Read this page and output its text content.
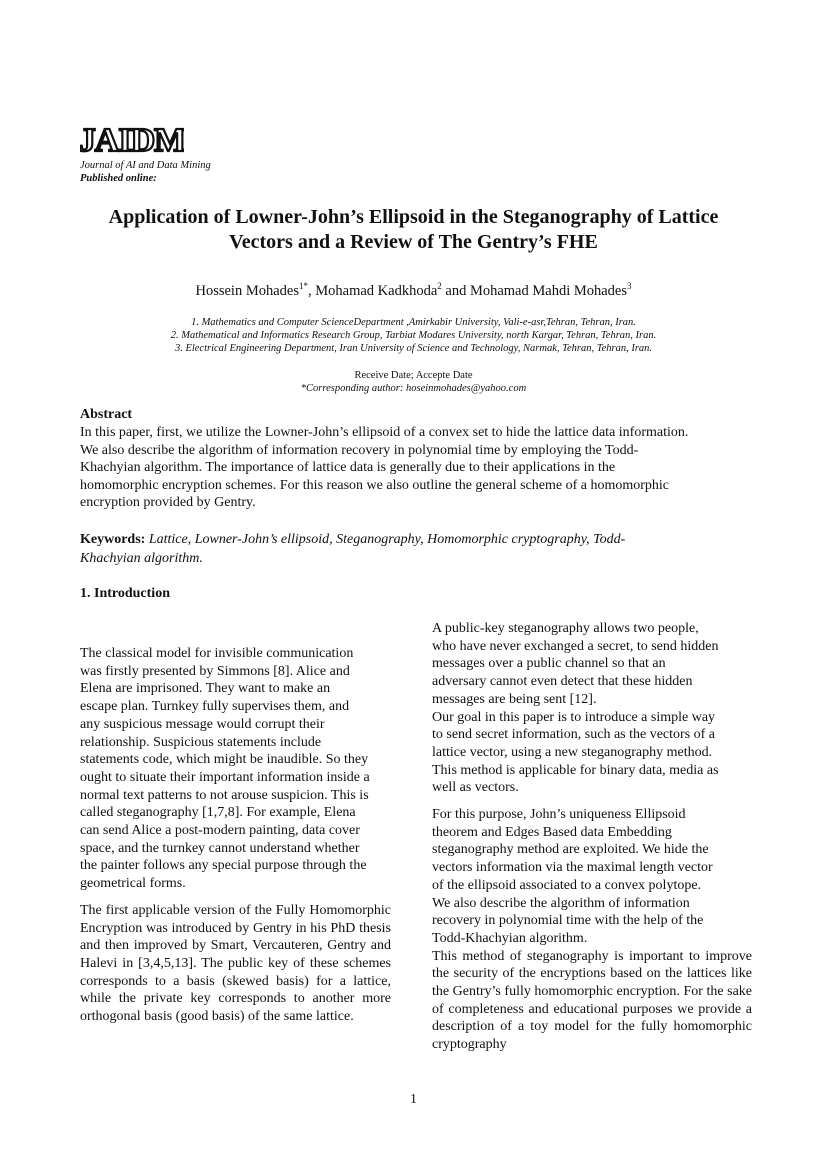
JAIDM
Journal of AI and Data Mining
Published online:
Application of Lowner-John’s Ellipsoid in the Steganography of Lattice
Vectors and a Review of The Gentry’s FHE
Hossein Mohades$^{1*}$, Mohamad Kadkhoda$^2$ and Mohamad Mahdi Mohades$^3$
1. Mathematics and Computer ScienceDepartment ,Amirkabir University, Vali-e-asr,Tehran, Tehran, Iran.
2. Mathematical and Informatics Research Group, Tarbiat Modares University, north Kargar, Tehran, Tehran, Iran.
3. Electrical Engineering Department, Iran University of Science and Technology, Narmak, Tehran, Tehran, Iran.
Receive Date; Accepte Date
*Corresponding author: hoseinmohades@yahoo.com
Abstract
In this paper, first, we utilize the Lowner-John’s ellipsoid of a convex set to hide the lattice data information.
We also describe the algorithm of information recovery in polynomial time by employing the Todd-
Khachyian algorithm. The importance of lattice data is generally due to their applications in the
homomorphic encryption schemes. For this reason we also outline the general scheme of a homomorphic
encryption provided by Gentry.
Keywords: Lattice, Lowner-John’s ellipsoid, Steganography, Homomorphic cryptography, Todd-
Khachyian algorithm.
1. Introduction
The classical model for invisible communication
was firstly presented by Simmons [8]. Alice and
Elena are imprisoned. They want to make an
escape plan. Turnkey fully supervises them, and
any suspicious message would corrupt their
relationship. Suspicious statements include
statements code, which might be inaudible. So they
ought to situate their important information inside a
normal text patterns to not arouse suspicion. This is
called steganography [1,7,8]. For example, Elena
can send Alice a post-modern painting, data cover
space, and the turnkey cannot understand whether
the painter follows any special purpose through the
geometrical forms.
The first applicable version of the Fully Homomorphic Encryption was introduced by Gentry in his PhD thesis and then improved by Smart, Vercauteren, Gentry and Halevi in [3,4,5,13]. The public key of these schemes corresponds to a basis (skewed basis) for a lattice, while the private key corresponds to another more orthogonal basis (good basis) of the same lattice.
A public-key steganography allows two people,
who have never exchanged a secret, to send hidden
messages over a public channel so that an
adversary cannot even detect that these hidden
messages are being sent [12].
Our goal in this paper is to introduce a simple way
to send secret information, such as the vectors of a
lattice vector, using a new steganography method.
This method is applicable for binary data, media as
well as vectors.
For this purpose, John’s uniqueness Ellipsoid
theorem and Edges Based data Embedding
steganography method are exploited. We hide the
vectors information via the maximal length vector
of the ellipsoid associated to a convex polytope.
We also describe the algorithm of information
recovery in polynomial time with the help of the
Todd-Khachyian algorithm.
This method of steganography is important to improve the security of the encryptions based on the lattices like the Gentry’s fully homomorphic encryption. For the sake of completeness and educational purposes we provide a description of a toy model for the fully homomorphic cryptography
1
